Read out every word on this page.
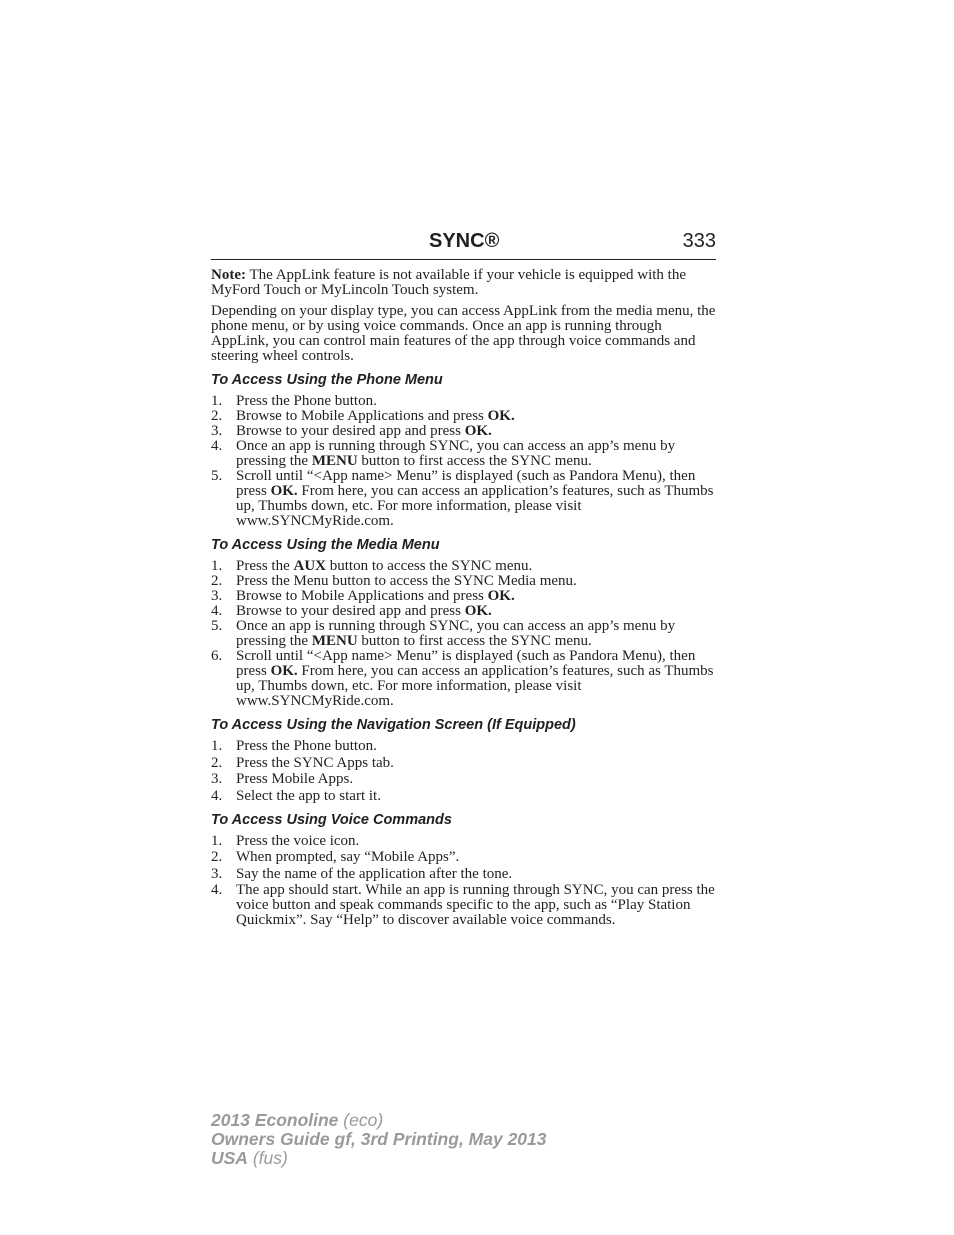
SYNC®	333

Note: The AppLink feature is not available if your vehicle is equipped with the MyFord Touch or MyLincoln Touch system.

Depending on your display type, you can access AppLink from the media menu, the phone menu, or by using voice commands. Once an app is running through AppLink, you can control main features of the app through voice commands and steering wheel controls.

To Access Using the Phone Menu
1. Press the Phone button.
2. Browse to Mobile Applications and press OK.
3. Browse to your desired app and press OK.
4. Once an app is running through SYNC, you can access an app’s menu by pressing the MENU button to first access the SYNC menu.
5. Scroll until “<App name> Menu” is displayed (such as Pandora Menu), then press OK. From here, you can access an application’s features, such as Thumbs up, Thumbs down, etc. For more information, please visit www.SYNCMyRide.com.
To Access Using the Media Menu
1. Press the AUX button to access the SYNC menu.
2. Press the Menu button to access the SYNC Media menu.
3. Browse to Mobile Applications and press OK.
4. Browse to your desired app and press OK.
5. Once an app is running through SYNC, you can access an app’s menu by pressing the MENU button to first access the SYNC menu.
6. Scroll until “<App name> Menu” is displayed (such as Pandora Menu), then press OK. From here, you can access an application’s features, such as Thumbs up, Thumbs down, etc. For more information, please visit www.SYNCMyRide.com.
To Access Using the Navigation Screen (If Equipped)
1. Press the Phone button.
2. Press the SYNC Apps tab.
3. Press Mobile Apps.
4. Select the app to start it.
To Access Using Voice Commands
1. Press the voice icon.
2. When prompted, say “Mobile Apps”.
3. Say the name of the application after the tone.
4. The app should start. While an app is running through SYNC, you can press the voice button and speak commands specific to the app, such as “Play Station Quickmix”. Say “Help” to discover available voice commands.
2013 Econoline (eco)
Owners Guide gf, 3rd Printing, May 2013
USA (fus)
